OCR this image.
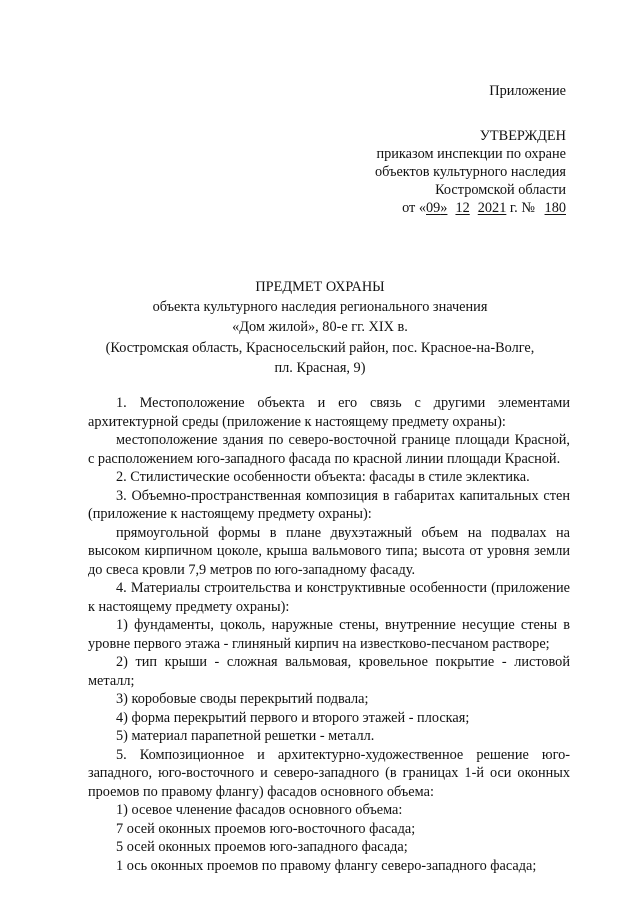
Приложение
УТВЕРЖДЕН
приказом инспекции по охране
объектов культурного наследия
Костромской области
от «09» 12 2021 г. № 180
ПРЕДМЕТ ОХРАНЫ
объекта культурного наследия регионального значения
«Дом жилой», 80-е гг. XIX в.
(Костромская область, Красносельский район, пос. Красное-на-Волге,
пл. Красная, 9)

1. Местоположение объекта и его связь с другими элементами архитектурной среды (приложение к настоящему предмету охраны):

местоположение здания по северо-восточной границе площади Красной, с расположением юго-западного фасада по красной линии площади Красной.

2. Стилистические особенности объекта: фасады в стиле эклектика.

3. Объемно-пространственная композиция в габаритах капитальных стен (приложение к настоящему предмету охраны):

прямоугольной формы в плане двухэтажный объем на подвалах на высоком кирпичном цоколе, крыша вальмового типа; высота от уровня земли до свеса кровли 7,9 метров по юго-западному фасаду.

4. Материалы строительства и конструктивные особенности (приложение к настоящему предмету охраны):

1) фундаменты, цоколь, наружные стены, внутренние несущие стены в уровне первого этажа - глиняный кирпич на известково-песчаном растворе;

2) тип крыши - сложная вальмовая, кровельное покрытие - листовой металл;

3) коробовые своды перекрытий подвала;

4) форма перекрытий первого и второго этажей - плоская;

5) материал парапетной решетки - металл.

5. Композиционное и архитектурно-художественное решение юго-западного, юго-восточного и северо-западного (в границах 1-й оси оконных проемов по правому флангу) фасадов основного объема:

1) осевое членение фасадов основного объема:

7 осей оконных проемов юго-восточного фасада;

5 осей оконных проемов юго-западного фасада;

1 ось оконных проемов по правому флангу северо-западного фасада;
